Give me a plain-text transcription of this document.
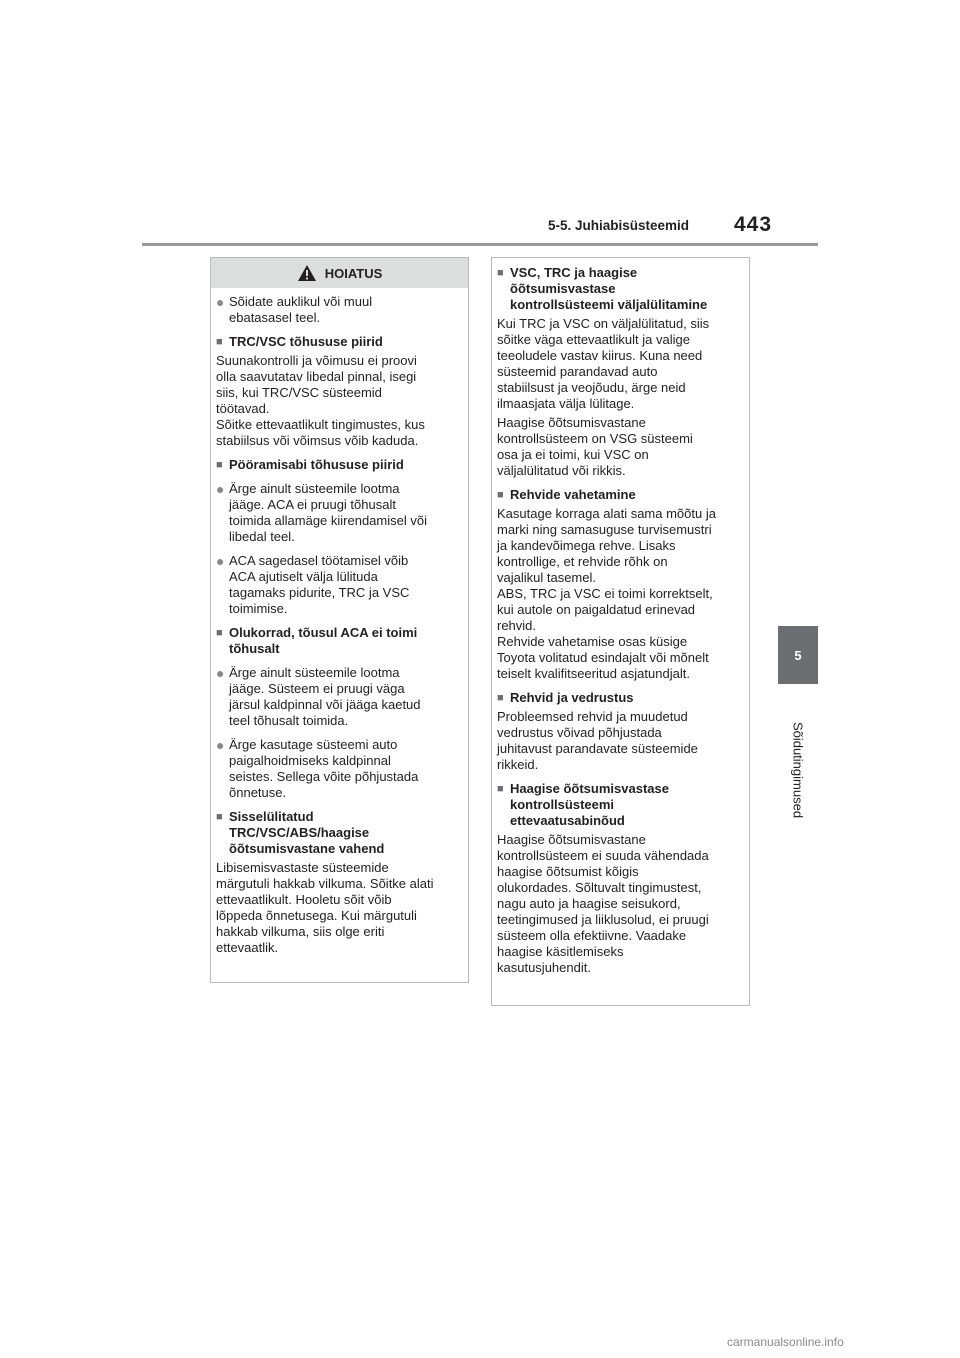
5-5. Juhiabisüsteemid 443
5
Sõidutingimused
HOIATUS
● Sõidate auklikul või muul
ebatasasel teel.
■ TRC/VSC tõhususe piirid
Suunakontrolli ja võimusu ei proovi
olla saavutatav libedal pinnal, isegi
siis, kui TRC/VSC süsteemid
töötavad.
Sõitke ettevaatlikult tingimustes, kus
stabiilsus või võimsus võib kaduda.
■ Pööramisabi tõhususe piirid
● Ärge ainult süsteemile lootma
jääge. ACA ei pruugi tõhusalt
toimida allamäge kiirendamisel või
libedal teel.
● ACA sagedasel töötamisel võib
ACA ajutiselt välja lülituda
tagamaks pidurite, TRC ja VSC
toimimise.
■ Olukorrad, tõusul ACA ei toimi
tõhusalt
● Ärge ainult süsteemile lootma
jääge. Süsteem ei pruugi väga
järsul kaldpinnal või jääga kaetud
teel tõhusalt toimida.
● Ärge kasutage süsteemi auto
paigalhoidmiseks kaldpinnal
seistes. Sellega võite põhjustada
õnnetuse.
■ Sisselülitatud
TRC/VSC/ABS/haagise
õõtsumisvastane vahend
Libisemisvastaste süsteemide
märgutuli hakkab vilkuma. Sõitke alati
ettevaatlikult. Hooletu sõit võib
lõppeda õnnetusega. Kui märgutuli
hakkab vilkuma, siis olge eriti
ettevaatlik.
■ VSC, TRC ja haagise
õõtsumisvastase
kontrollsüsteemi väljalülitamine
Kui TRC ja VSC on väljalülitatud, siis
sõitke väga ettevaatlikult ja valige
teeoludele vastav kiirus. Kuna need
süsteemid parandavad auto
stabiilsust ja veojõudu, ärge neid
ilmaasjata välja lülitage.
Haagise õõtsumisvastane
kontrollsüsteem on VSG süsteemi
osa ja ei toimi, kui VSC on
väljalülitatud või rikkis.
■ Rehvide vahetamine
Kasutage korraga alati sama mõõtu ja
marki ning samasuguse turvisemustri
ja kandevõimega rehve. Lisaks
kontrollige, et rehvide rõhk on
vajalikul tasemel.
ABS, TRC ja VSC ei toimi korrektselt,
kui autole on paigaldatud erinevad
rehvid.
Rehvide vahetamise osas küsige
Toyota volitatud esindajalt või mõnelt
teiselt kvalifitseeritud asjatundjalt.
■ Rehvid ja vedrustus
Probleemsed rehvid ja muudetud
vedrustus võivad põhjustada
juhitavust parandavate süsteemide
rikkeid.
■ Haagise õõtsumisvastase
kontrollsüsteemi
ettevaatusabinõud
Haagise õõtsumisvastane
kontrollsüsteem ei suuda vähendada
haagise õõtsumist kõigis
olukordades. Sõltuvalt tingimustest,
nagu auto ja haagise seisukord,
teetingimused ja liiklusolud, ei pruugi
süsteem olla efektiivne. Vaadake
haagise käsitlemiseks
kasutusjuhendit.
carmanualsonline.info
